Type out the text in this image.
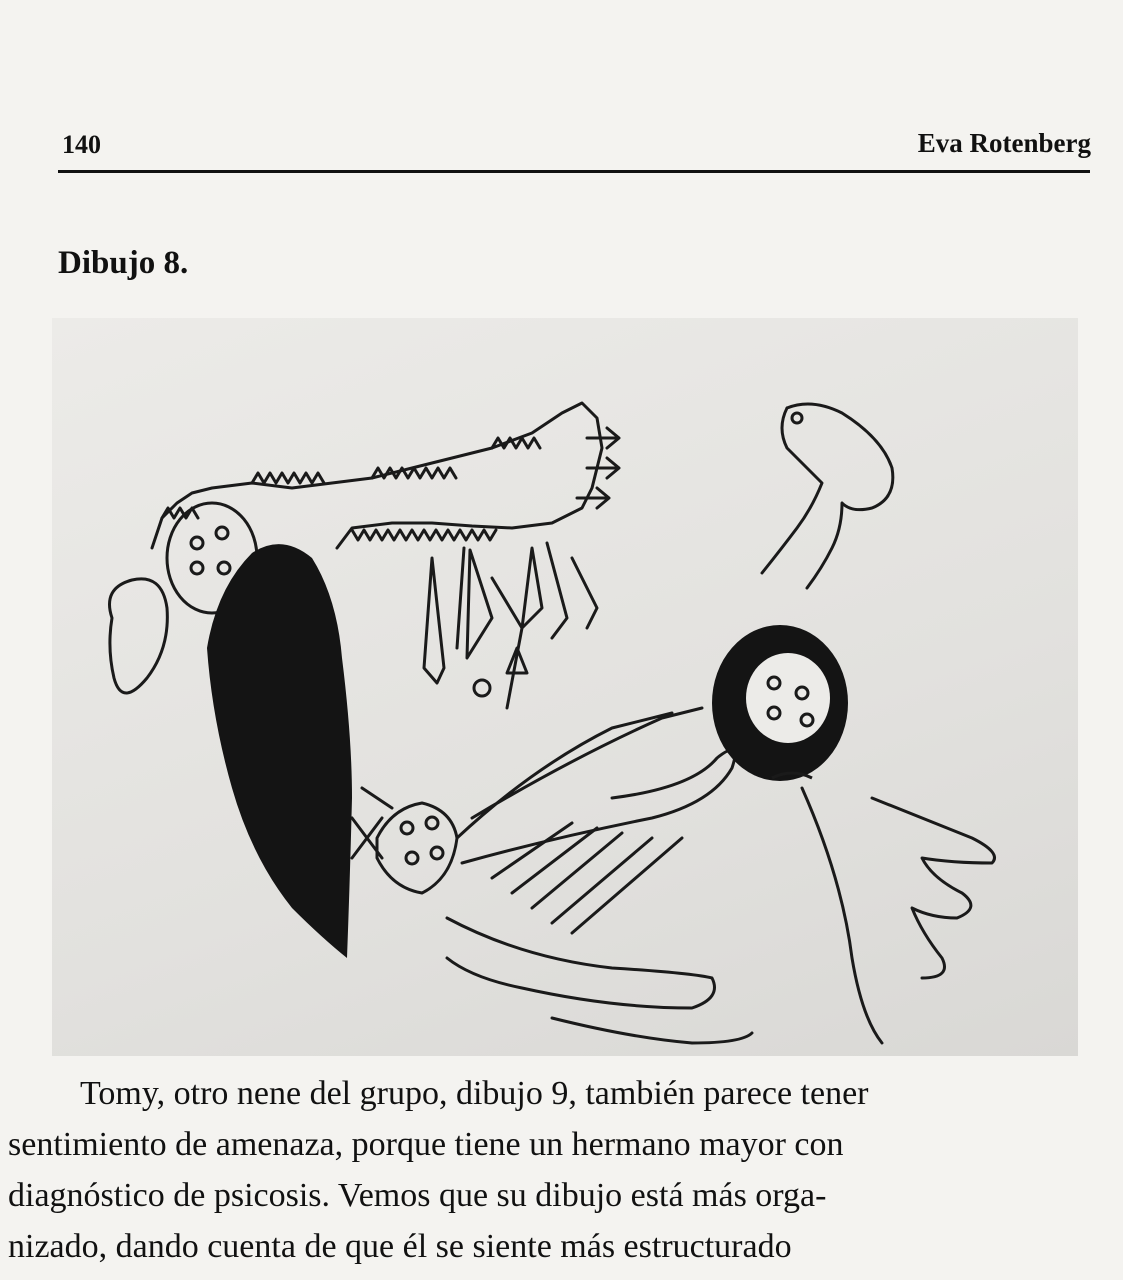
140	Eva Rotenberg
Dibujo 8.
Tomy, otro nene del grupo, dibujo 9, también parece tener
sentimiento de amenaza, porque tiene un hermano mayor con
diagnóstico de psicosis. Vemos que su dibujo está más orga-
nizado, dando cuenta de que él se siente más estructurado
